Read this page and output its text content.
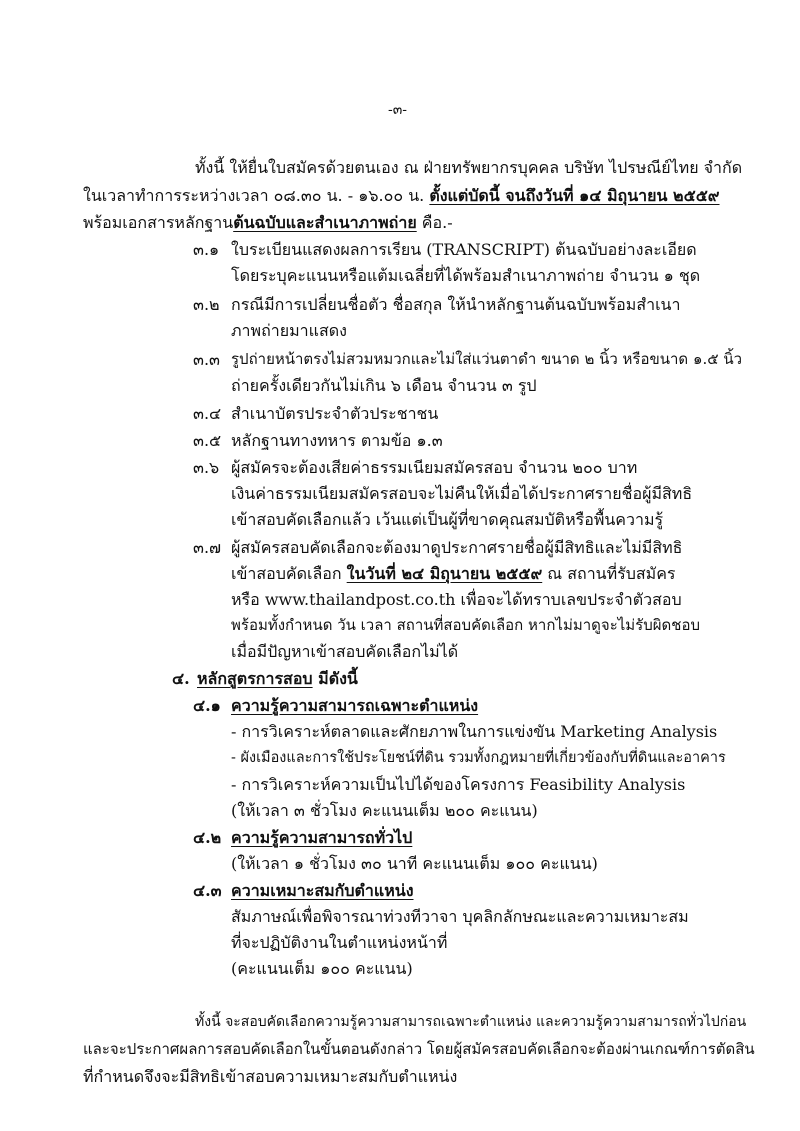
-๓-
ทั้งนี้ ให้ยื่นใบสมัครด้วยตนเอง ณ ฝ่ายทรัพยากรบุคคล บริษัท ไปรษณีย์ไทย จำกัด
ในเวลาทำการระหว่างเวลา ๐๘.๓๐ น. - ๑๖.๐๐ น. ตั้งแต่บัดนี้ จนถึงวันที่ ๑๔ มิถุนายน ๒๕๕๙
พร้อมเอกสารหลักฐานต้นฉบับและสำเนาภาพถ่าย คือ.-
๓.๑ ใบระเบียนแสดงผลการเรียน (TRANSCRIPT) ต้นฉบับอย่างละเอียด
โดยระบุคะแนนหรือแต้มเฉลี่ยที่ได้พร้อมสำเนาภาพถ่าย จำนวน ๑ ชุด
๓.๒ กรณีมีการเปลี่ยนชื่อตัว ชื่อสกุล ให้นำหลักฐานต้นฉบับพร้อมสำเนา
ภาพถ่ายมาแสดง
๓.๓ รูปถ่ายหน้าตรงไม่สวมหมวกและไม่ใส่แว่นตาดำ ขนาด ๒ นิ้ว หรือขนาด ๑.๕ นิ้ว
ถ่ายครั้งเดียวกันไม่เกิน ๖ เดือน จำนวน ๓ รูป
๓.๔ สำเนาบัตรประจำตัวประชาชน
๓.๕ หลักฐานทางทหาร ตามข้อ ๑.๓
๓.๖ ผู้สมัครจะต้องเสียค่าธรรมเนียมสมัครสอบ จำนวน ๒๐๐ บาท
เงินค่าธรรมเนียมสมัครสอบจะไม่คืนให้เมื่อได้ประกาศรายชื่อผู้มีสิทธิ
เข้าสอบคัดเลือกแล้ว เว้นแต่เป็นผู้ที่ขาดคุณสมบัติหรือพื้นความรู้
๓.๗ ผู้สมัครสอบคัดเลือกจะต้องมาดูประกาศรายชื่อผู้มีสิทธิและไม่มีสิทธิ
เข้าสอบคัดเลือก ในวันที่ ๒๔ มิถุนายน ๒๕๕๙ ณ สถานที่รับสมัคร
หรือ www.thailandpost.co.th เพื่อจะได้ทราบเลขประจำตัวสอบ
พร้อมทั้งกำหนด วัน เวลา สถานที่สอบคัดเลือก หากไม่มาดูจะไม่รับผิดชอบ
เมื่อมีปัญหาเข้าสอบคัดเลือกไม่ได้
๔. หลักสูตรการสอบ มีดังนี้
๔.๑ ความรู้ความสามารถเฉพาะตำแหน่ง
- การวิเคราะห์ตลาดและศักยภาพในการแข่งขัน Marketing Analysis
- ผังเมืองและการใช้ประโยชน์ที่ดิน รวมทั้งกฎหมายที่เกี่ยวข้องกับที่ดินและอาคาร
- การวิเคราะห์ความเป็นไปได้ของโครงการ Feasibility Analysis
(ให้เวลา ๓ ชั่วโมง คะแนนเต็ม ๒๐๐ คะแนน)
๔.๒ ความรู้ความสามารถทั่วไป
(ให้เวลา ๑ ชั่วโมง ๓๐ นาที คะแนนเต็ม ๑๐๐ คะแนน)
๔.๓ ความเหมาะสมกับตำแหน่ง
สัมภาษณ์เพื่อพิจารณาท่วงทีวาจา บุคลิกลักษณะและความเหมาะสม
ที่จะปฏิบัติงานในตำแหน่งหน้าที่
(คะแนนเต็ม ๑๐๐ คะแนน)
ทั้งนี้ จะสอบคัดเลือกความรู้ความสามารถเฉพาะตำแหน่ง และความรู้ความสามารถทั่วไปก่อน
และจะประกาศผลการสอบคัดเลือกในขั้นตอนดังกล่าว โดยผู้สมัครสอบคัดเลือกจะต้องผ่านเกณฑ์การตัดสิน
ที่กำหนดจึงจะมีสิทธิเข้าสอบความเหมาะสมกับตำแหน่ง
